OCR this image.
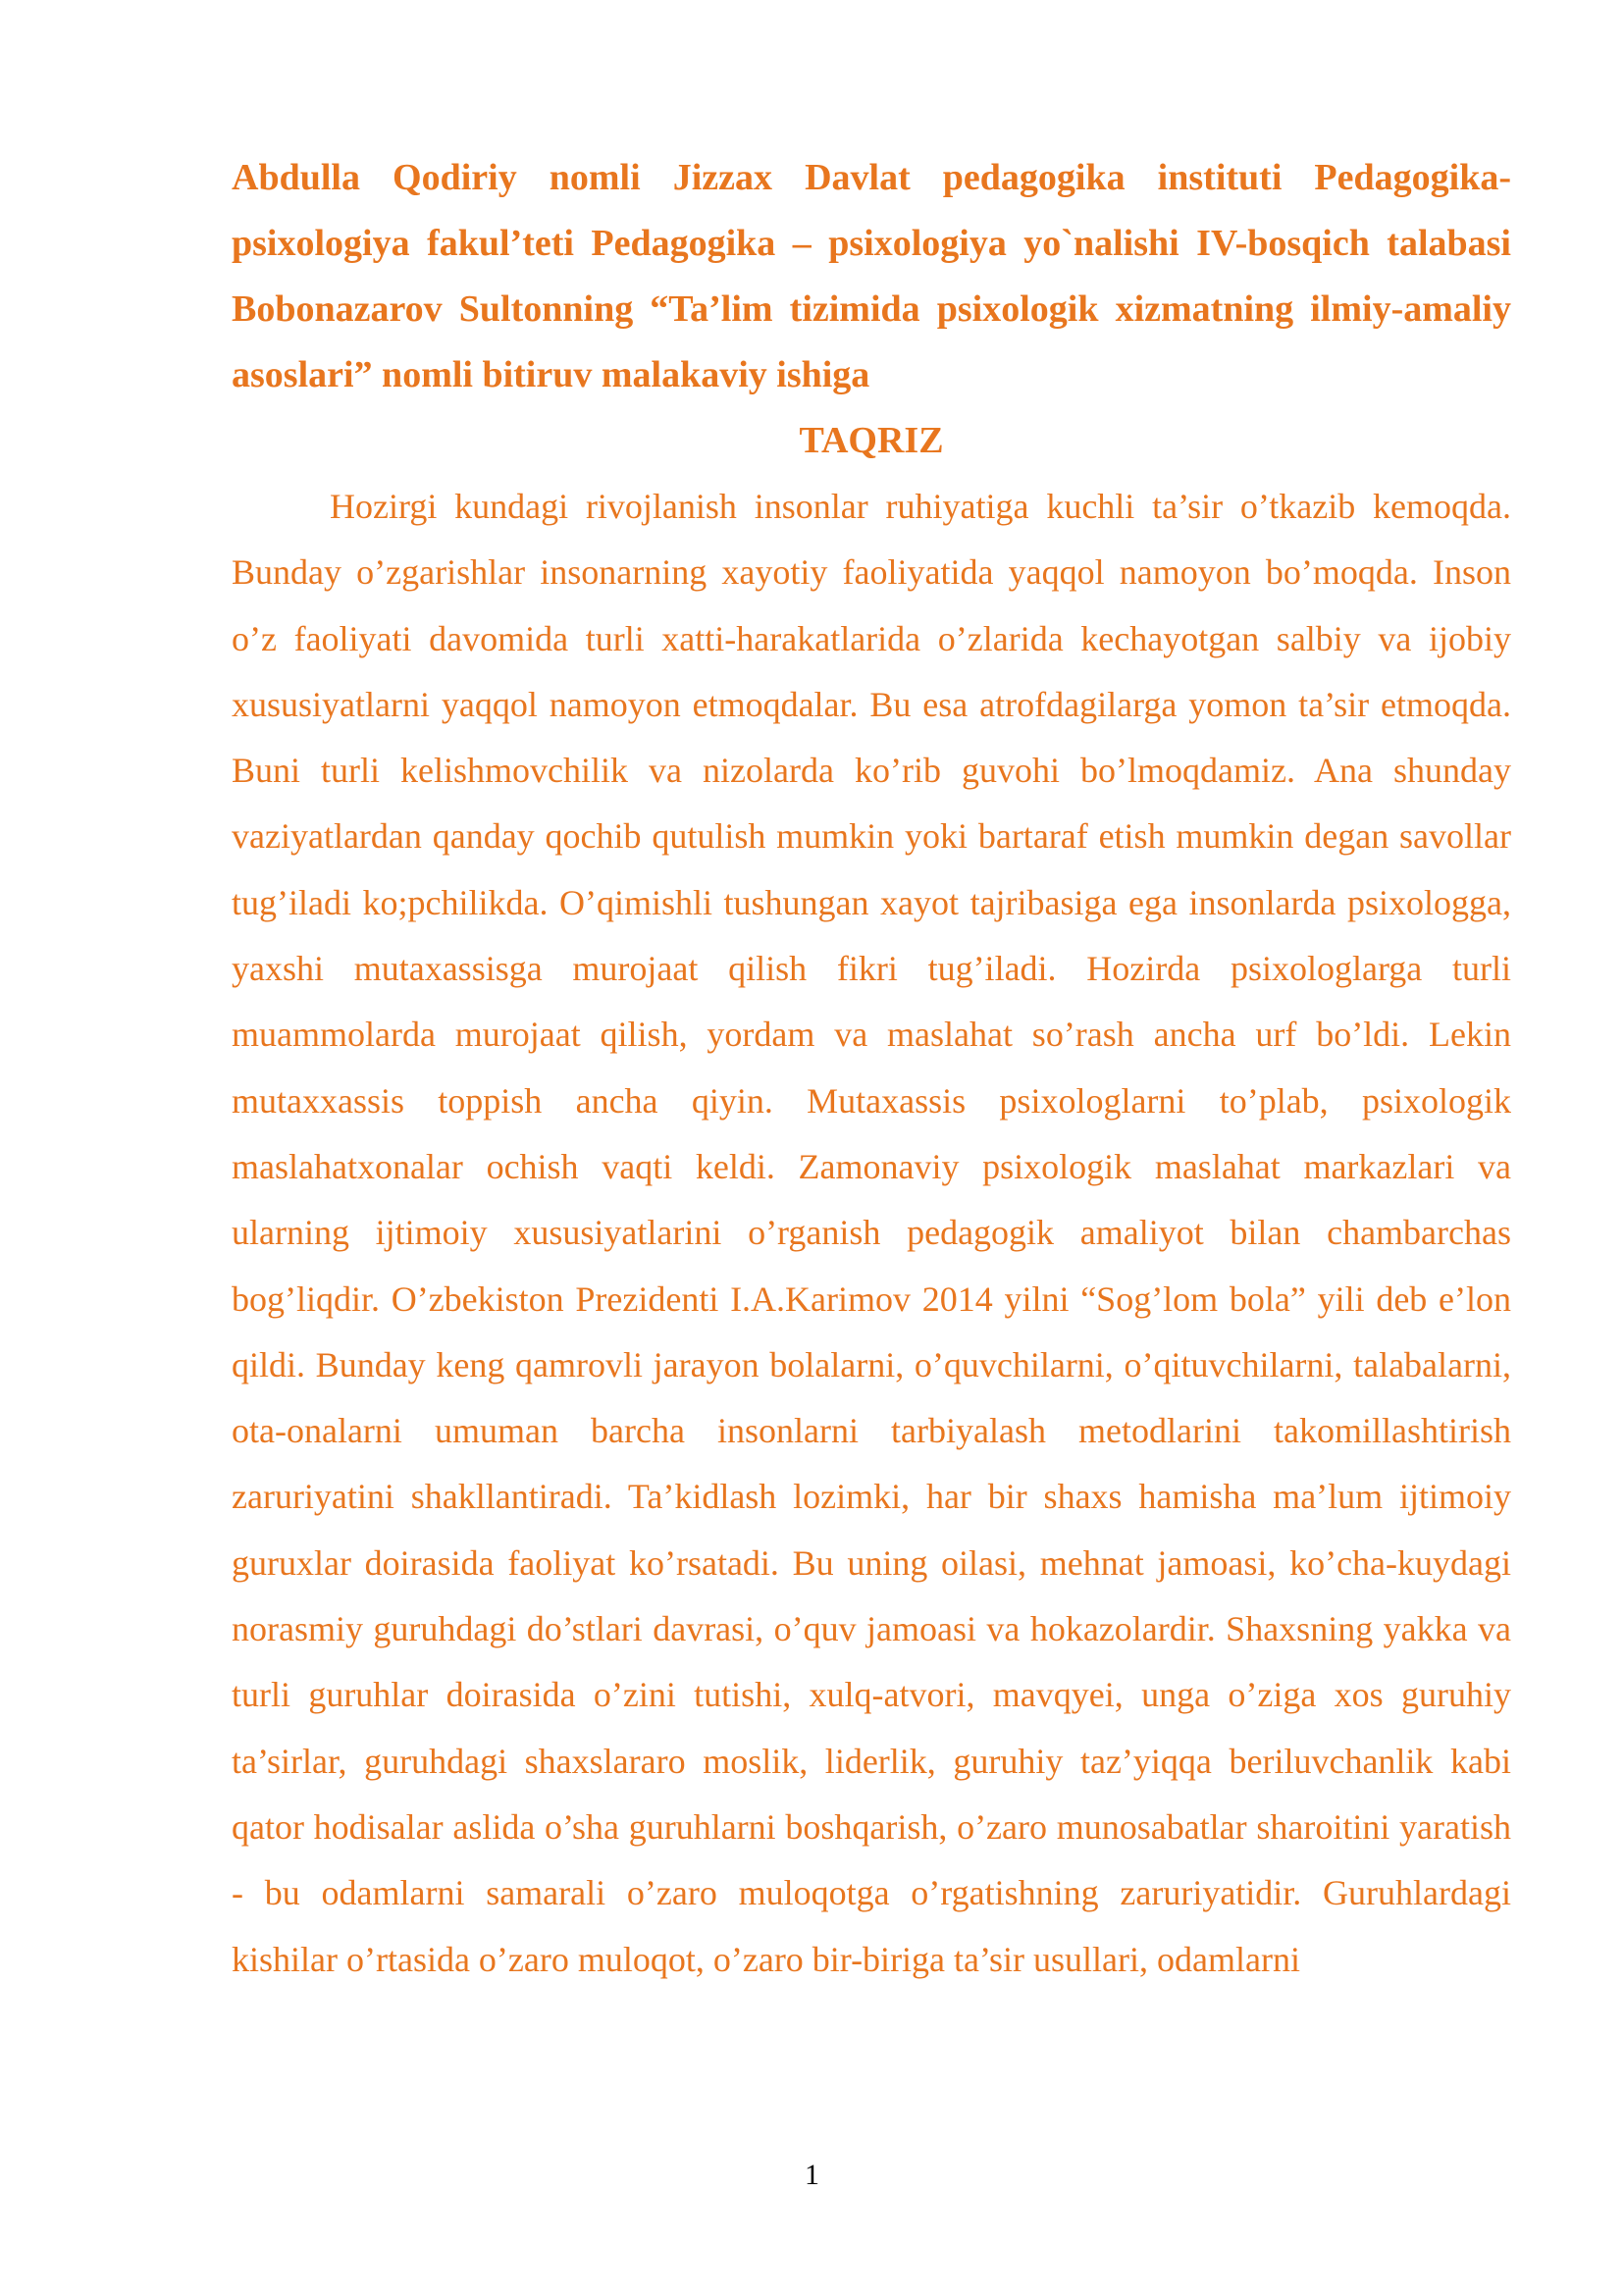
Abdulla Qodiriy nomli Jizzax Davlat pedagogika instituti Pedagogika-psixologiya fakul’teti Pedagogika – psixologiya yo`nalishi IV-bosqich talabasi Bobonazarov Sultonning “Ta’lim tizimida psixologik xizmatning ilmiy-amaliy asoslari” nomli bitiruv malakaviy ishiga

TAQRIZ

Hozirgi kundagi rivojlanish insonlar ruhiyatiga kuchli ta’sir o’tkazib kemoqda. Bunday o’zgarishlar insonarning xayotiy faoliyatida yaqqol namoyon bo’moqda. Inson o’z faoliyati davomida turli xatti-harakatlarida o’zlarida kechayotgan salbiy va ijobiy xususiyatlarni yaqqol namoyon etmoqdalar. Bu esa atrofdagilarga yomon ta’sir etmoqda. Buni turli kelishmovchilik va nizolarda ko’rib guvohi bo’lmoqdamiz. Ana shunday vaziyatlardan qanday qochib qutulish mumkin yoki bartaraf etish mumkin degan savollar tug’iladi ko;pchilikda. O’qimishli tushungan xayot tajribasiga ega insonlarda psixologga, yaxshi mutaxassisga murojaat qilish fikri tug’iladi. Hozirda psixologlarga turli muammolarda murojaat qilish, yordam va maslahat so’rash ancha urf bo’ldi. Lekin mutaxxassis toppish ancha qiyin. Mutaxassis psixologlarni to’plab, psixologik maslahatxonalar ochish vaqti keldi. Zamonaviy psixologik maslahat markazlari va ularning ijtimoiy xususiyatlarini o’rganish pedagogik amaliyot bilan chambarchas bog’liqdir. O’zbekiston Prezidenti I.A.Karimov 2014 yilni “Sog’lom bola” yili deb e’lon qildi. Bunday keng qamrovli jarayon bolalarni, o’quvchilarni, o’qituvchilarni, talabalarni, ota-onalarni umuman barcha insonlarni tarbiyalash metodlarini takomillashtirish zaruriyatini shakllantiradi. Ta’kidlash lozimki, har bir shaxs hamisha ma’lum ijtimoiy guruxlar doirasida faoliyat ko’rsatadi. Bu uning oilasi, mehnat jamoasi, ko’cha-kuydagi norasmiy guruhdagi do’stlari davrasi, o’quv jamoasi va hokazolardir. Shaxsning yakka va turli guruhlar doirasida o’zini tutishi, xulq-atvori, mavqyei, unga o’ziga xos guruhiy ta’sirlar, guruhdagi shaxslararo moslik, liderlik, guruhiy taz’yiqqa beriluvchanlik kabi qator hodisalar aslida o’sha guruhlarni boshqarish, o’zaro munosabatlar sharoitini yaratish - bu odamlarni samarali o’zaro muloqotga o’rgatishning zaruriyatidir. Guruhlardagi kishilar o’rtasida o’zaro muloqot, o’zaro bir-biriga ta’sir usullari, odamlarni

1
